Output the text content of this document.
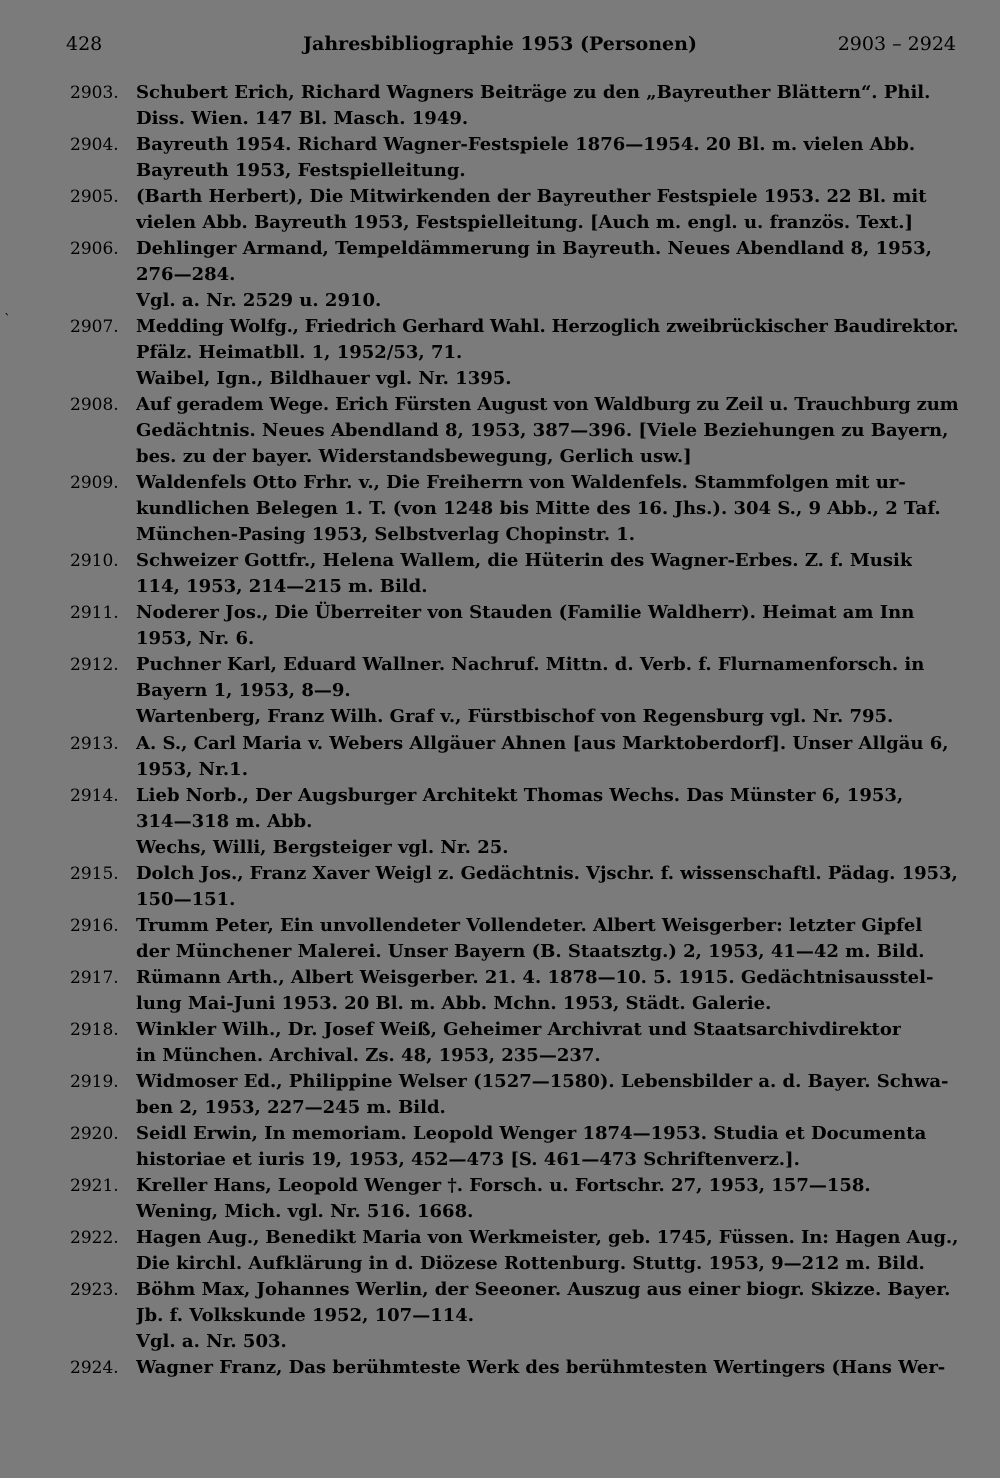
428	Jahresbibliographie 1953 (Personen)	2903 – 2924
`
2903. Schubert Erich, Richard Wagners Beiträge zu den „Bayreuther Blättern“. Phil.
Diss. Wien. 147 Bl. Masch. 1949.
2904. Bayreuth 1954. Richard Wagner-Festspiele 1876—1954. 20 Bl. m. vielen Abb.
Bayreuth 1953, Festspielleitung.
2905. (Barth Herbert), Die Mitwirkenden der Bayreuther Festspiele 1953. 22 Bl. mit
vielen Abb. Bayreuth 1953, Festspielleitung. [Auch m. engl. u. französ. Text.]
2906. Dehlinger Armand, Tempeldämmerung in Bayreuth. Neues Abendland 8, 1953,
276—284.
Vgl. a. Nr. 2529 u. 2910.
2907. Medding Wolfg., Friedrich Gerhard Wahl. Herzoglich zweibrückischer Baudirektor.
Pfälz. Heimatbll. 1, 1952/53, 71.
Waibel, Ign., Bildhauer vgl. Nr. 1395.
2908. Auf geradem Wege. Erich Fürsten August von Waldburg zu Zeil u. Trauchburg zum
Gedächtnis. Neues Abendland 8, 1953, 387—396. [Viele Beziehungen zu Bayern,
bes. zu der bayer. Widerstandsbewegung, Gerlich usw.]
2909. Waldenfels Otto Frhr. v., Die Freiherrn von Waldenfels. Stammfolgen mit ur-
kundlichen Belegen 1. T. (von 1248 bis Mitte des 16. Jhs.). 304 S., 9 Abb., 2 Taf.
München-Pasing 1953, Selbstverlag Chopinstr. 1.
2910. Schweizer Gottfr., Helena Wallem, die Hüterin des Wagner-Erbes. Z. f. Musik
114, 1953, 214—215 m. Bild.
2911. Noderer Jos., Die Überreiter von Stauden (Familie Waldherr). Heimat am Inn
1953, Nr. 6.
2912. Puchner Karl, Eduard Wallner. Nachruf. Mittn. d. Verb. f. Flurnamenforsch. in
Bayern 1, 1953, 8—9.
Wartenberg, Franz Wilh. Graf v., Fürstbischof von Regensburg vgl. Nr. 795.
2913. A. S., Carl Maria v. Webers Allgäuer Ahnen [aus Marktoberdorf]. Unser Allgäu 6,
1953, Nr.1.
2914. Lieb Norb., Der Augsburger Architekt Thomas Wechs. Das Münster 6, 1953,
314—318 m. Abb.
Wechs, Willi, Bergsteiger vgl. Nr. 25.
2915. Dolch Jos., Franz Xaver Weigl z. Gedächtnis. Vjschr. f. wissenschaftl. Pädag. 1953,
150—151.
2916. Trumm Peter, Ein unvollendeter Vollendeter. Albert Weisgerber: letzter Gipfel
der Münchener Malerei. Unser Bayern (B. Staatsztg.) 2, 1953, 41—42 m. Bild.
2917. Rümann Arth., Albert Weisgerber. 21. 4. 1878—10. 5. 1915. Gedächtnisausstel-
lung Mai-Juni 1953. 20 Bl. m. Abb. Mchn. 1953, Städt. Galerie.
2918. Winkler Wilh., Dr. Josef Weiß, Geheimer Archivrat und Staatsarchivdirektor
in München. Archival. Zs. 48, 1953, 235—237.
2919. Widmoser Ed., Philippine Welser (1527—1580). Lebensbilder a. d. Bayer. Schwa-
ben 2, 1953, 227—245 m. Bild.
2920. Seidl Erwin, In memoriam. Leopold Wenger 1874—1953. Studia et Documenta
historiae et iuris 19, 1953, 452—473 [S. 461—473 Schriftenverz.].
2921. Kreller Hans, Leopold Wenger †. Forsch. u. Fortschr. 27, 1953, 157—158.
Wening, Mich. vgl. Nr. 516. 1668.
2922. Hagen Aug., Benedikt Maria von Werkmeister, geb. 1745, Füssen. In: Hagen Aug.,
Die kirchl. Aufklärung in d. Diözese Rottenburg. Stuttg. 1953, 9—212 m. Bild.
2923. Böhm Max, Johannes Werlin, der Seeoner. Auszug aus einer biogr. Skizze. Bayer.
Jb. f. Volkskunde 1952, 107—114.
Vgl. a. Nr. 503.
2924. Wagner Franz, Das berühmteste Werk des berühmtesten Wertingers (Hans Wer-
